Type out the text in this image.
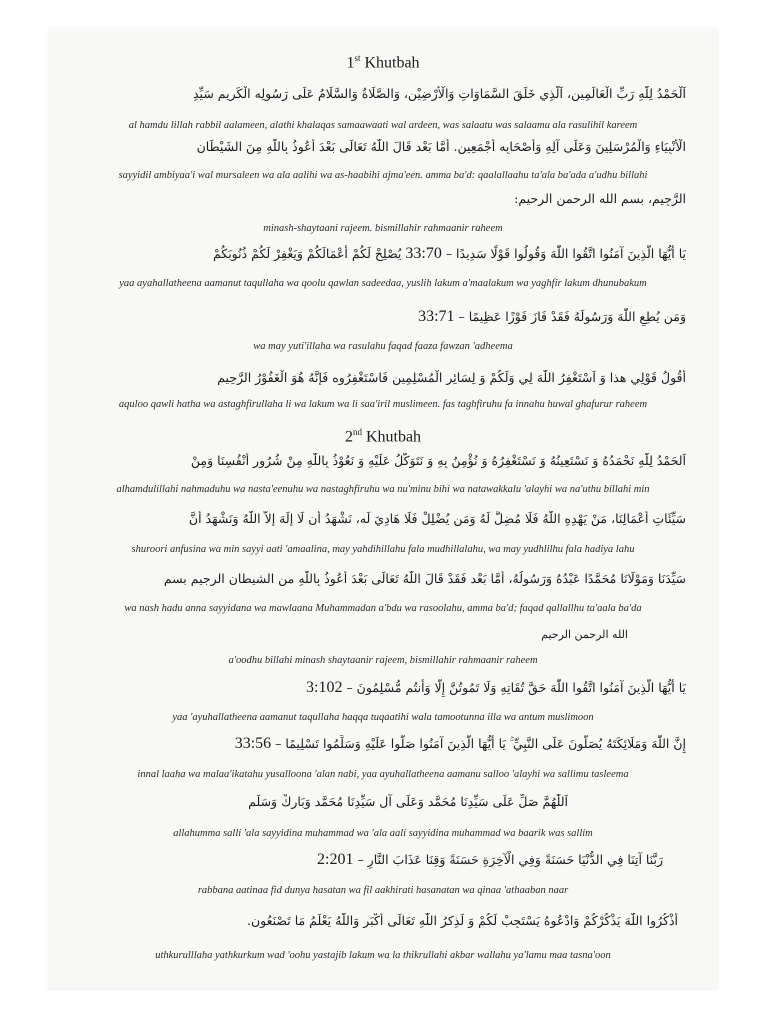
1st Khutbah
اَلْحَمْدُ لِلّٰهِ رَبِّ الْعَالَمِين، اَلَّذِي خَلَقَ السَّمَاوَاتِ وَالْأَرْضِيْن، وَالصَّلَاةُ وَالسَّلَامُ عَلَى رَسُولِه الْكَرِيمِ سَيِّدِ
al hamdu lillah rabbil aalameen, alathi khalaqas samaawaati wal ardeen, was salaatu was salaamu ala rasulihil kareem
الْأَنْبِيَاءِ وَالْمُرْسَلِينَ وَعَلَى آلِهِ وَأَصْحَابِه أَجْمَعِين. أَمَّا بَعْد قَالَ اللّٰهُ تَعَالَى بَعْدَ أَعُوذُ بِاللّٰهِ مِنَ الشَيْطَانِ
sayyidil ambiyaa'i wal mursaleen wa ala aalihi wa as-haabihi ajma'een. amma ba'd: qaalallaahu ta'ala ba'ada a'udhu billahi
الرَّجِيم، بسم الله الرحمن الرحيم:
minash-shaytaani rajeem. bismillahir rahmaanir raheem
يَا أَيُّهَا الَّذِينَ آمَنُوا اتَّقُوا اللّٰهَ وَقُولُوا قَوْلًا سَدِيدًا – 33:70 يُصْلِحْ لَكُمْ أَعْمَالَكُمْ وَيَغْفِرْ لَكُمْ ذُنُوبَكُمْ
yaa ayahallatheena aamanut taqullaha wa qoolu qawlan sadeedaa, yuslih lakum a'maalakum wa yaghfir lakum dhunubakum
وَمَن يُطِعِ اللّٰهَ وَرَسُولَهُ فَقَدْ فَازَ فَوْزًا عَظِيمًا – 33:71
wa may yuti'illaha wa rasulahu faqad faaza fawzan 'adheema
أَقُولُ قَوْلِي هذا وَ اَسْتَغْفِرُ اللّٰهَ لِي وَلَكُمْ وَ لِسَائِرِ الْمُسْلِمِين فَاسْتَغْفِرُوه فَإِنَّهُ هُوَ الْغَفُوْرُ الرَّحِيم
aquloo qawli hatha wa astaghfirullaha li wa lakum wa li saa'iril muslimeen. fas taghfiruhu fa innahu huwal ghafurur raheem
2nd Khutbah
اَلحَمْدُ لِلّٰهِ نَحْمَدُهُ وَ نَسْتَعِينُهُ وَ نَسْتَغْفِرُهُ وَ نُؤْمِنُ بِهِ وَ نَتَوَكَّلُ عَلَيْهِ وَ نَعُوْذُ بِاللّٰهِ مِنْ شُرُورِ أَنْفُسِنَا وَمِنْ
alhamdulillahi nahmaduhu wa nasta'eenuhu wa nastaghfiruhu wa nu'minu bihi wa natawakkalu 'alayhi wa na'uthu billahi min
سَيِّئَاتِ أَعْمَالِنَا، مَنْ يَهْدِهِ اللّٰهُ فَلَا مُضِلَّ لَهُ وَمَن يُضْلِلْ فَلَا هَادِيَ لَه، نَشْهَدُ أَن لَا إِلَهَ إِلاَّ اللّٰهُ وَنَشْهَدُ أَنَّ
shuroori anfusina wa min sayyi aati 'amaalina, may yahdihillahu fala mudhillalahu, wa may yudhlilhu fala hadiya lahu
سَيِّدَنَا وَمَوْلَانَا مُحَمَّدًا عَبْدُهُ وَرَسُولُهُ، أَمَّا بَعْد فَقَدْ قَالَ اللّٰهُ تَعَالَى بَعْدَ أَعُوذُ بِاللّٰهِ من الشيطان الرجيم بسم
wa nash hadu anna sayyidana wa mawlaana Muhammadan a'bdu wa rasoolahu, amma ba'd; faqad qallallhu ta'aala ba'da
الله الرحمن الرحيم
a'oodhu billahi minash shaytaanir rajeem, bismillahir rahmaanir raheem
يَا أَيُّهَا الَّذِينَ آمَنُوا اتَّقُوا اللّٰهَ حَقَّ تُقَاتِهِ وَلَا تَمُوتُنَّ إِلَّا وَأَنتُم مُّسْلِمُونَ – 3:102
yaa 'ayuhallatheena aamanut taqullaha haqqa tuqaatihi wala tamootunna illa wa antum muslimoon
إِنَّ اللّٰهَ وَمَلَائِكَتَهُ يُصَلُّونَ عَلَى النَّبِيِّ ۚ يَا أَيُّهَا الَّذِينَ آمَنُوا صَلُّوا عَلَيْهِ وَسَلِّمُوا تَسْلِيمًا – 33:56
innal laaha wa malaa'ikatahu yusalloona 'alan nabi, yaa ayuhallatheena aamanu salloo 'alayhi wa sallimu tasleema
اَللّٰهُمَّ صَلِّ عَلَى سَيِّدِنَا مُحَمَّد وَعَلَى آلِ سَيِّدِنَا مُحَمَّد وَبَارِكْ وَسَلِّم
allahumma salli 'ala sayyidina muhammad wa 'ala aali sayyidina muhammad wa baarik was sallim
رَبَّنَا آتِنَا فِي الدُّنْيَا حَسَنَةً وَفِي الْآخِرَةِ حَسَنَةً وَقِنَا عَذَابَ النَّارِ – 2:201
rabbana aatinaa fid dunya hasatan wa fil aakhirati hasanatan wa qinaa 'athaaban naar
أُذْكُرُوا اللّٰهَ يَذْكُرْكُمْ وَادْعُوهُ يَسْتَجِبْ لَكُمْ وَ لَذِكرُ اللّٰهِ تَعَالَى أَكْبَر وَاللّٰهُ يَعْلَمُ مَا تَصْنَعُون.
uthkurulllaha yathkurkum wad 'oohu yastajib lakum wa la thikrullahi akbar wallahu ya'lamu maa tasna'oon
